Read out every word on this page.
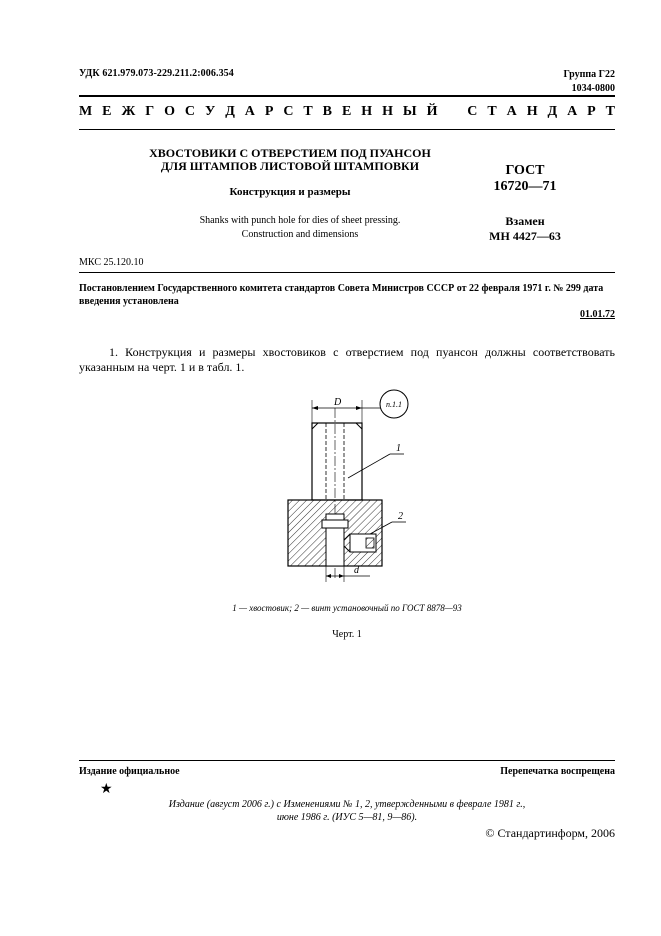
УДК 621.979.073-229.211.2:006.354	Группа Г22
1034-0800
М Е Ж Г О С У Д А Р С Т В Е Н Н Ы Й С Т А Н Д А Р Т
ХВОСТОВИКИ С ОТВЕРСТИЕМ ПОД ПУАНСОН
ДЛЯ ШТАМПОВ ЛИСТОВОЙ ШТАМПОВКИ
Конструкция и размеры
Shanks with punch hole for dies of sheet pressing.
Construction and dimensions
ГОСТ
16720—71
Взамен
МН 4427—63
МКС 25.120.10
Постановлением Государственного комитета стандартов Совета Министров СССР от 22 февраля 1971 г. № 299 дата введения установлена
01.01.72
1. Конструкция и размеры хвостовиков с отверстием под пуансон должны соответствовать указанным на черт. 1 и в табл. 1.
D	п.1.1
d
1
2
1 — хвостовик; 2 — винт установочный по ГОСТ 8878—93
Черт. 1
Издание официальное	Перепечатка воспрещена
★
Издание (август 2006 г.) с Изменениями № 1, 2, утвержденными в феврале 1981 г.,
июне 1986 г. (ИУС 5—81, 9—86).
© Стандартинформ, 2006
